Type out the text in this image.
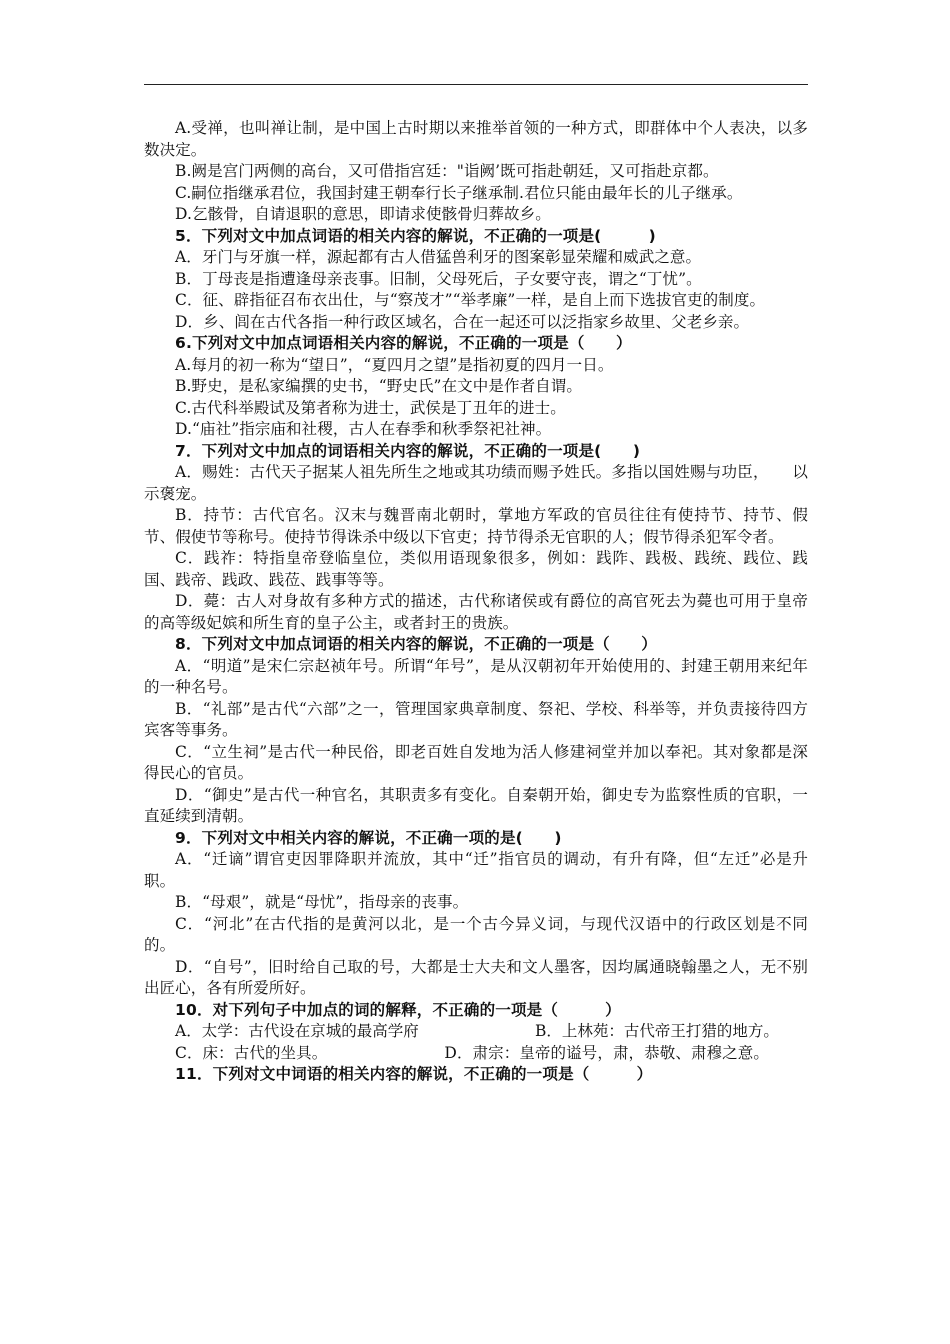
A.受禅，也叫禅让制，是中国上古时期以来推举首领的一种方式，即群体中个人表决，以多数决定。

B.阙是宫门两侧的高台，又可借指宫廷："诣阙’既可指赴朝廷，又可指赴京都。

C.嗣位指继承君位，我国封建王朝奉行长子继承制.君位只能由最年长的儿子继承。

D.乞骸骨，自请退职的意思，即请求使骸骨归葬故乡。

5．下列对文中加点词语的相关内容的解说，不正确的一项是(　　　)

A．牙门与牙旗一样，源起都有古人借猛兽利牙的图案彰显荣耀和威武之意。

B．丁母丧是指遭逢母亲丧事。旧制，父母死后，子女要守丧，谓之“丁忧”。

C．征、辟指征召布衣出仕，与“察茂才”“举孝廉”一样，是自上而下选拔官吏的制度。

D．乡、闾在古代各指一种行政区域名，合在一起还可以泛指家乡故里、父老乡亲。

6.下列对文中加点词语相关内容的解说，不正确的一项是（　　）

A.每月的初一称为“望日”，“夏四月之望”是指初夏的四月一日。

B.野史，是私家编撰的史书，“野史氏”在文中是作者自谓。

C.古代科举殿试及第者称为进士，武侯是丁丑年的进士。

D.“庙社”指宗庙和社稷，古人在春季和秋季祭祀社神。

7．下列对文中加点的词语相关内容的解说，不正确的一项是(　　)

A．赐姓：古代天子据某人祖先所生之地或其功绩而赐予姓氏。多指以国姓赐与功臣，　　以示褒宠。

B．持节：古代官名。汉末与魏晋南北朝时，掌地方军政的官员往往有使持节、持节、假节、假使节等称号。使持节得诛杀中级以下官吏；持节得杀无官职的人；假节得杀犯军令者。

C．践祚：特指皇帝登临皇位，类似用语现象很多，例如：践阼、践极、践统、践位、践国、践帝、践政、践莅、践事等等。

D．薨：古人对身故有多种方式的描述，古代称诸侯或有爵位的高官死去为薨也可用于皇帝的高等级妃嫔和所生育的皇子公主，或者封王的贵族。

8．下列对文中加点词语的相关内容的解说，不正确的一项是（　　）

A．“明道”是宋仁宗赵祯年号。所谓“年号”，是从汉朝初年开始使用的、封建王朝用来纪年的一种名号。

B．“礼部”是古代“六部”之一，管理国家典章制度、祭祀、学校、科举等，并负责接待四方宾客等事务。

C．“立生祠”是古代一种民俗，即老百姓自发地为活人修建祠堂并加以奉祀。其对象都是深得民心的官员。

D．“御史”是古代一种官名，其职责多有变化。自秦朝开始，御史专为监察性质的官职，一直延续到清朝。

9．下列对文中相关内容的解说，不正确一项的是(　　)

A．“迁谪”谓官吏因罪降职并流放，其中“迁”指官员的调动，有升有降，但“左迁”必是升职。

B．“母艰”，就是“母忧”，指母亲的丧事。

C．“河北”在古代指的是黄河以北，是一个古今异义词，与现代汉语中的行政区划是不同的。

D．“自号”，旧时给自己取的号，大都是士大夫和文人墨客，因均属通晓翰墨之人，无不别出匠心，各有所爱所好。

10．对下列句子中加点的词的解释，不正确的一项是（　　　）

A．太学：古代设在京城的最高学府	B．上林苑：古代帝王打猎的地方。

C．床：古代的坐具。　　　　　　　　D．肃宗：皇帝的谥号，肃，恭敬、肃穆之意。

11．下列对文中词语的相关内容的解说，不正确的一项是（　　　）
